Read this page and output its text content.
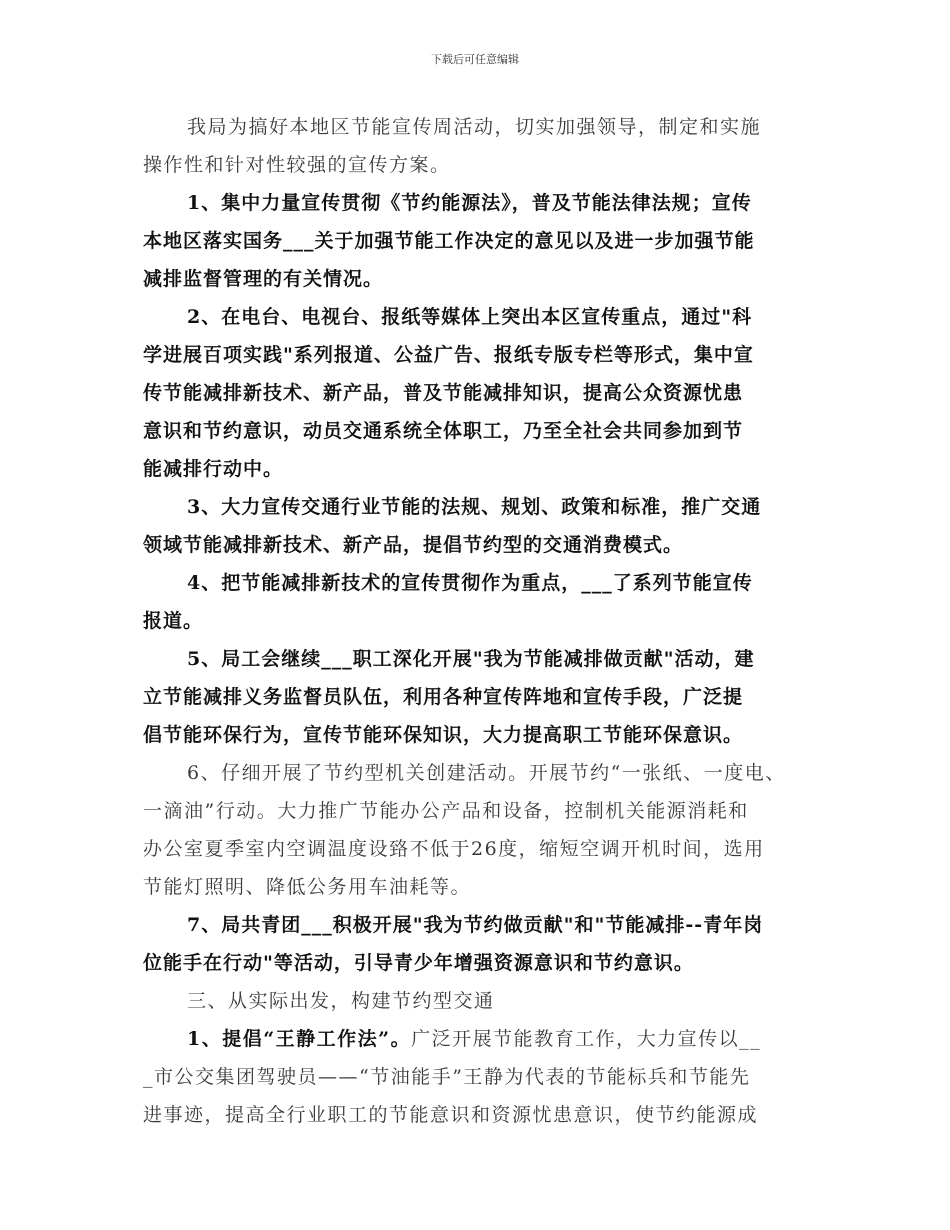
下载后可任意编辑
我局为搞好本地区节能宣传周活动，切实加强领导，制定和实施
操作性和针对性较强的宣传方案。
1、集中力量宣传贯彻《节约能源法》，普及节能法律法规；宣传
本地区落实国务___关于加强节能工作决定的意见以及进一步加强节能
减排监督管理的有关情况。
2、在电台、电视台、报纸等媒体上突出本区宣传重点，通过"科
学进展百项实践"系列报道、公益广告、报纸专版专栏等形式，集中宣
传节能减排新技术、新产品，普及节能减排知识，提高公众资源忧患
意识和节约意识，动员交通系统全体职工，乃至全社会共同参加到节
能减排行动中。
3、大力宣传交通行业节能的法规、规划、政策和标准，推广交通
领域节能减排新技术、新产品，提倡节约型的交通消费模式。
4、把节能减排新技术的宣传贯彻作为重点，___了系列节能宣传
报道。
5、局工会继续___职工深化开展"我为节能减排做贡献"活动，建
立节能减排义务监督员队伍，利用各种宣传阵地和宣传手段，广泛提
倡节能环保行为，宣传节能环保知识，大力提高职工节能环保意识。
6、仔细开展了节约型机关创建活动。开展节约“一张纸、一度电、
一滴油”行动。大力推广节能办公产品和设备，控制机关能源消耗和
办公室夏季室内空调温度设臵不低于26度，缩短空调开机时间，选用
节能灯照明、降低公务用车油耗等。
7、局共青团___积极开展"我为节约做贡献"和"节能减排--青年岗
位能手在行动"等活动，引导青少年增强资源意识和节约意识。
三、从实际出发，构建节约型交通
1、提倡“王静工作法”。广泛开展节能教育工作，大力宣传以__
_市公交集团驾驶员——“节油能手”王静为代表的节能标兵和节能先
进事迹，提高全行业职工的节能意识和资源忧患意识，使节约能源成
